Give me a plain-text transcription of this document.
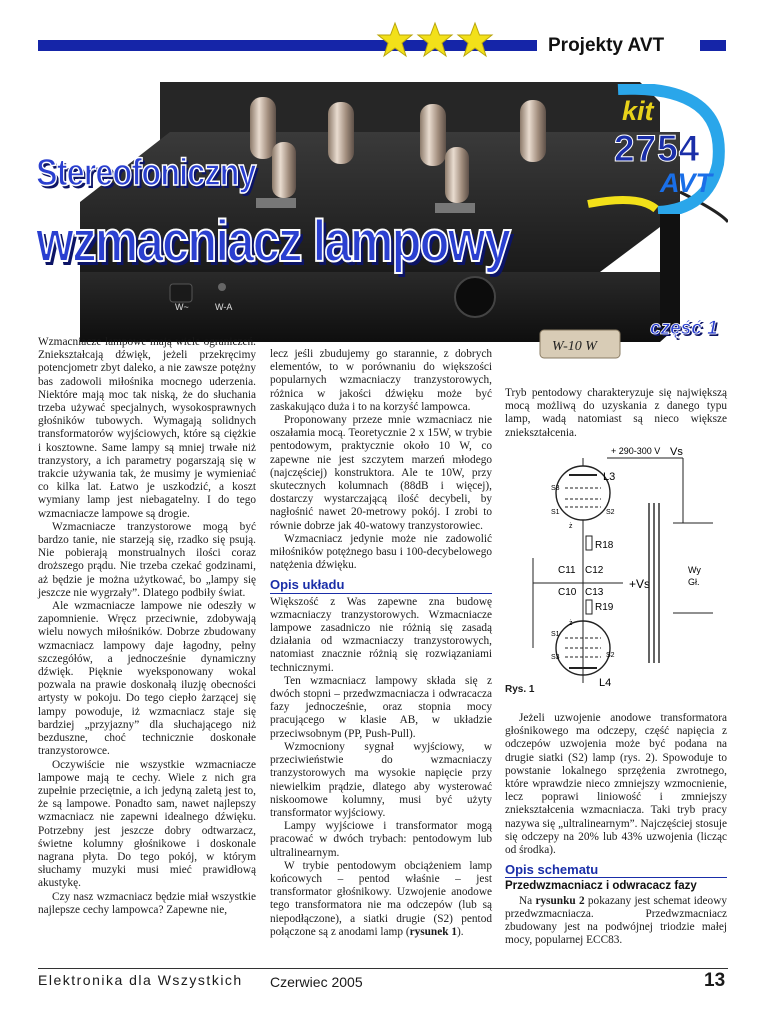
Projekty AVT
W~	W-A
W-10 W
Stereofoniczny
wzmacniacz lampowy
część 1
kit
2754
AVT

Wzmacniacze lampowe mają wiele ograniczeń. Zniekształcają dźwięk, jeżeli przekręcimy potencjometr zbyt daleko, a nie zawsze potężny bas zadowoli miłośnika mocnego uderzenia. Niektóre mają moc tak niską, że do słuchania trzeba używać specjalnych, wysokosprawnych głośników tubowych. Wymagają solidnych transformatorów wyjściowych, które są ciężkie i kosztowne. Same lampy są mniej trwałe niż tranzystory, a ich parametry pogarszają się w trakcie używania tak, że musimy je wymieniać co kilka lat. Łatwo je uszkodzić, a koszt wymiany lamp jest niebagatelny. I do tego wzmacniacze lampowe są drogie.

Wzmacniacze tranzystorowe mogą być bardzo tanie, nie starzeją się, rzadko się psują. Nie pobierają monstrualnych ilości coraz droższego prądu. Nie trzeba czekać godzinami, aż będzie je można użytkować, bo „lampy się jeszcze nie wygrzały”. Dlatego podbiły świat.

Ale wzmacniacze lampowe nie odeszły w zapomnienie. Wręcz przeciwnie, zdobywają wielu nowych miłośników. Dobrze zbudowany wzmacniacz lampowy daje łagodny, pełny szczegółów, a jednocześnie dynamiczny dźwięk. Pięknie wyeksponowany wokal pozwala na prawie doskonałą iluzję obecności artysty w pokoju. Do tego ciepło żarzącej się lampy powoduje, iż wzmacniacz staje się bardziej „przyjazny” dla słuchającego niż bezduszne, choć technicznie doskonałe tranzystorowce.

Oczywiście nie wszystkie wzmacniacze lampowe mają te cechy. Wiele z nich gra zupełnie przeciętnie, a ich jedyną zaletą jest to, że są lampowe. Ponadto sam, nawet najlepszy wzmacniacz nie zapewni idealnego dźwięku. Potrzebny jest jeszcze dobry odtwarzacz, świetne kolumny głośnikowe i doskonale nagrana płyta. Do tego pokój, w którym słuchamy muzyki musi mieć prawidłową akustykę.

Czy nasz wzmacniacz będzie miał wszystkie najlepsze cechy lampowca? Zapewne nie,

lecz jeśli zbudujemy go starannie, z dobrych elementów, to w porównaniu do większości popularnych wzmacniaczy tranzystorowych, różnica w jakości dźwięku może być zaskakująco duża i to na korzyść lampowca.

Proponowany przeze mnie wzmacniacz nie oszałamia mocą. Teoretycznie 2 x 15W, w trybie pentodowym, praktycznie około 10 W, co zapewne nie jest szczytem marzeń młodego (najczęściej) konstruktora. Ale te 10W, przy skutecznych kolumnach (88dB i więcej), dostarczy wystarczającą ilość decybeli, by nagłośnić nawet 20-metrowy pokój. I zrobi to równie dobrze jak 40-watowy tranzystorowiec.

Wzmacniacz jedynie może nie zadowolić miłośników potężnego basu i 100-decybelowego natężenia dźwięku.

Opis układu

Większość z Was zapewne zna budowę wzmacniaczy tranzystorowych. Wzmacniacze lampowe zasadniczo nie różnią się zasadą działania od wzmacniaczy tranzystorowych, natomiast znacznie różnią się rozwiązaniami technicznymi.

Ten wzmacniacz lampowy składa się z dwóch stopni – przedwzmacniacza i odwracacza fazy jednocześnie, oraz stopnia mocy pracującego w klasie AB, w układzie przeciwsobnym (PP, Push-Pull).

Wzmocniony sygnał wyjściowy, w przeciwieństwie do wzmacniaczy tranzystorowych ma wysokie napięcie przy niewielkim prądzie, dlatego aby wysterować niskoomowe kolumny, musi być użyty transformator wyjściowy.

Lampy wyjściowe i transformator mogą pracować w dwóch trybach: pentodowym lub ultralinearnym.

W trybie pentodowym obciążeniem lamp końcowych – pentod właśnie – jest transformator głośnikowy. Uzwojenie anodowe tego transformatora nie ma odczepów (lub są niepodłączone), a siatki drugie (S2) pentod połączone są z anodami lamp (rysunek 1).

Tryb pentodowy charakteryzuje się największą mocą możliwą do uzyskania z danego typu lamp, wadą natomiast są nieco większe zniekształcenia.

+ 290-300 V Vs
S3
S1	S2
L3
ż
R18
C11 C12
+Vs
C10 C13
R19
Wy
Gł.
ż
S1
S3	S2
L4
Rys. 1

Jeżeli uzwojenie anodowe transformatora głośnikowego ma odczepy, część napięcia z odczepów uzwojenia może być podana na drugie siatki (S2) lamp (rys. 2). Spowoduje to powstanie lokalnego sprzężenia zwrotnego, które wprawdzie nieco zmniejszy wzmocnienie, lecz poprawi liniowość i zmniejszy zniekształcenia wzmacniacza. Taki tryb pracy nazywa się „ultralinearnym”. Najczęściej stosuje się odczepy na 20% lub 43% uzwojenia (licząc od środka).

Opis schematu
Przedwzmacniacz i odwracacz fazy

Na rysunku 2 pokazany jest schemat ideowy przedwzmacniacza. Przedwzmacniacz zbudowany jest na podwójnej triodzie małej mocy, popularnej ECC83.

Elektronika dla Wszystkich Czerwiec 2005	13
